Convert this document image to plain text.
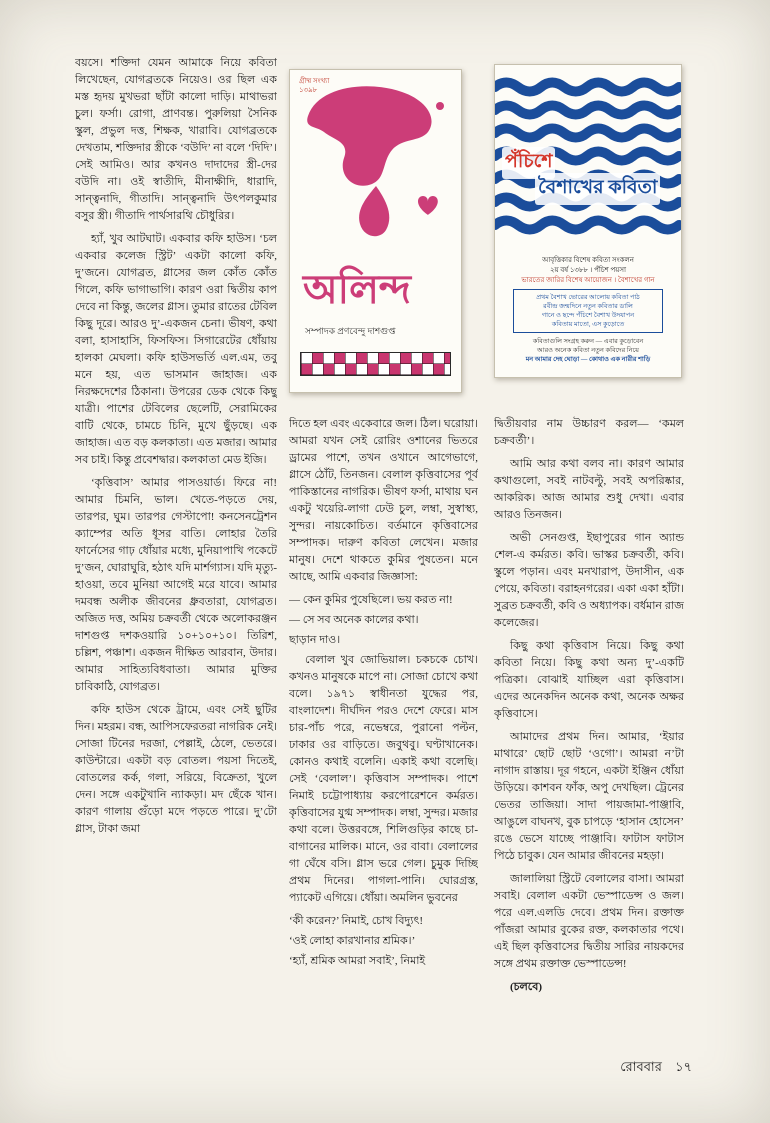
বয়সে। শক্তিদা যেমন আমাকে নিয়ে কবিতা লিখেছেন, যোগব্রতকে নিয়েও। ওর ছিল এক মস্ত হৃদয় মুখভরা ছাঁটা কালো দাড়ি। মাথাভরা চুল। ফর্সা। রোগা, প্রাণবন্ত। পুরুলিয়া সৈনিক স্কুল, প্রভুল দত্ত, শিক্ষক, খারাবি। যোগব্রতকে দেখতাম, শক্তিদার স্ত্রীকে ‘বউদি’ না বলে ‘দিদি’। সেই আমিও। আর কখনও দাদাদের স্ত্রী-দের বউদি না। ওই স্বাতীদি, মীনাক্ষীদি, ধারাদি, সান্ত্বনাদি, গীতাদি। সান্ত্বনাদি উৎপলকুমার বসুর স্ত্রী। গীতাদি পার্থসারথি চৌধুরির।

হ্যাঁ, খুব আটঘাট। একবার কফি হাউস। ‘চল একবার কলেজ স্ট্রিট’ একটা কালো কফি, দু’জনে। যোগব্রত, গ্লাসের জল কোঁত কোঁত গিলে, কফি ভাগাভাগি। কারণ ওরা দ্বিতীয় কাপ দেবে না কিন্তু, জলের গ্লাস। তুমার রাতের টেবিল কিছু দূরে। আরও দু’-একজন চেনা। ভীষণ, কথা বলা, হাসাহাসি, ফিসফিস। সিগারেটের ধোঁয়ায় হালকা মেঘলা। কফি হাউসভর্তি এল.এম, তবু মনে হয়, এত ভাসমান জাহাজ। এক নিরক্ষদেশের ঠিকানা। উপরের ডেক থেকে কিছু যাত্রী। পাশের টেবিলের ছেলেটি, সেরামিকের বাটি থেকে, চামচে চিনি, মুখে ছুঁড়ছে। এক জাহাজ। এত বড় কলকাতা। এত মজার। আমার সব চাই। কিন্তু প্রবেশদ্বার। কলকাতা মেড ইজি।

‘কৃত্তিবাস’ আমার পাসওয়ার্ড। ফিরে না! আমার চিমনি, ভাল। খেতে-পড়তে দেয়, তারপর, ঘুম। তারপর গেস্টাপো! কনসেনট্রেশন ক্যাম্পের অতি ধূসর বাতি। লোহার তৈরি ফার্নেসের গাঢ় ধোঁয়ার মধ্যে, মুনিয়াপাখি পকেটে দু’জন, ঘোরাঘুরি, হঠাৎ যদি মার্শগ্যাস। যদি মৃত্যু-হাওয়া, তবে মুনিয়া আগেই মরে যাবে। আমার দমবন্ধ অলীক জীবনের ধ্রুবতারা, যোগব্রত। অজিত দত্ত, অমিয় চক্রবর্তী থেকে অলোকরঞ্জন দাশগুপ্ত দশকওয়ারি ১০+১০+১০। তিরিশ, চল্লিশ, পঞ্চাশ। একজন দীক্ষিত আরবান, উদার। আমার সাহিত্যবিধবাতা। আমার মুক্তির চাবিকাঠি, যোগব্রত।

কফি হাউস থেকে ট্রামে, এবং সেই ছুটির দিন। মহরম। বন্ধ, আপিসফেরতরা নাগরিক নেই। সোজা টিনের দরজা, পেল্লাই, ঠেলে, ভেতরে। কাউন্টারে। একটা বড় বোতল। পয়সা দিতেই, বোতলের কর্ক, গলা, সরিয়ে, বিক্রেতা, খুলে দেন। সঙ্গে একটুখানি ন্যাকড়া। মদ ছেঁকে খান। কারণ গালায় গুঁড়ো মদে পড়তে পারে। দু’টো গ্লাস, টাকা জমা

গ্রীষ্ম সংখ্যা
১৩৯৮
অলিন্দ
সম্পাদক প্রণবেন্দু দাশগুপ্ত
পঁচিশে
বৈশাখের কবিতা
আবৃত্তিকার বিশেষ কবিতা সংকলন
২য় বর্ষ ১৩৮৮ । পঁচিশ পয়সা
ভারতের জারির বিশেষ আয়োজন । বৈশাখের গান
প্রথম বৈশাখ ভোরের আলোয় কবিতা পাঠ
রবীন্দ্র জন্মদিনে নতুন কবিতার ডালি
গানে ও ছন্দে পঁচিশে বৈশাখ উদযাপন
কবিতায় মাতো, এস কুড়োতে
কবিতাগুলি সংগ্রহ করুন — এবার কুড়োবেন
আরও অনেক কবিতা নতুন কবিদের নিয়ে
মন আমার দেহ ঘোড়া — কোথাও এক নারীর শাড়ি

দিতে হল এবং একেবারে জল। ঠিল। ঘরোয়া। আমরা যখন সেই রোরিং ওশানের ভিতরে ড্রামের পাশে, তখন ওখানে আগেভাগে, গ্লাসে ঠোঁট, তিনজন। বেলাল কৃত্তিবাসের পূর্ব পাকিস্তানের নাগরিক। ভীষণ ফর্সা, মাথায় ঘন একটু খয়েরি-লাগা ঢেউ চুল, লম্বা, সুস্বাস্থ্য, সুন্দর। নায়কোচিত। বর্তমানে কৃত্তিবাসের সম্পাদক। দারুণ কবিতা লেখেন। মজার মানুষ। দেশে থাকতে কুমির পুষতেন। মনে আছে, আমি একবার জিজ্ঞাসা:

— কেন কুমির পুষেছিলে। ভয় করত না!

— সে সব অনেক কালের কথা।

ছাড়ান দাও।

বেলাল খুব জোভিয়াল। চকচকে চোখ। কখনও মানুষকে মাপে না। সোজা চোখে কথা বলে। ১৯৭১ স্বাধীনতা যুদ্ধের পর, বাংলাদেশ। দীর্ঘদিন পরও দেশে ফেরে। মাস চার-পাঁচ পরে, নভেম্বরে, পুরানো পল্টন, ঢাকার ওর বাড়িতে। জবুথবু। ঘণ্টাখানেক। কোনও কথাই বলেনি। একাই কথা বলেছি। সেই ‘বেলাল’। কৃত্তিবাস সম্পাদক। পাশে নিমাই চট্টোপাধ্যায় করপোরেশনে কর্মরত। কৃত্তিবাসের যুগ্ম সম্পাদক। লম্বা, সুন্দর। মজার কথা বলে। উত্তরবঙ্গে, শিলিগুড়ির কাছে চা-বাগানের মালিক। মানে, ওর বাবা। বেলালের গা ঘেঁষে বসি। গ্লাস ভরে গেল। চুমুক দিচ্ছি প্রথম দিনের। পাগলা-পানি। ঘোরগ্রস্ত, প্যাকেট এগিয়ে। ধোঁয়া। অমলিন ভুবনের

‘কী করেন?’ নিমাই, চোখ বিদ্যুৎ!

‘ওই লোহা কারখানার শ্রমিক।’

‘হ্যাঁ, শ্রমিক আমরা সবাই’, নিমাই

দ্বিতীয়বার নাম উচ্চারণ করল— ‘কমল চক্রবর্তী’।

আমি আর কথা বলব না। কারণ আমার কথাগুলো, সবই নাটবল্টু, সবই অপরিষ্কার, আকরিক। আজ আমার শুধু দেখা। এবার আরও তিনজন।

অভী সেনগুপ্ত, ইছাপুরের গান অ্যান্ড শেল-এ কর্মরত। কবি। ভাস্কর চক্রবর্তী, কবি। স্কুলে পড়ান। এবং মনখারাপ, উদাসীন, এক পেয়ে, কবিতা। বরাহনগরের। একা একা হাঁটা। সুব্রত চক্রবর্তী, কবি ও অধ্যাপক। বর্ধমান রাজ কলেজের।

কিছু কথা কৃত্তিবাস নিয়ে। কিছু কথা কবিতা নিয়ে। কিছু কথা অন্য দু’-একটি পত্রিকা। বোঝাই যাচ্ছিল এরা কৃত্তিবাস। এদের অনেকদিন অনেক কথা, অনেক অক্ষর কৃত্তিবাসে।

আমাদের প্রথম দিন। আমার, ‘ইয়ার মাথারে’ ছোট ছোট ‘ওগো’। আমরা ন’টা নাগাদ রাস্তায়। দূর গহনে, একটা ইঞ্জিন ধোঁয়া উড়িয়ে। কাশবন ফাঁক, অপু দেখছিল। ট্রেনের ভেতর তাজিয়া। সাদা পায়জামা-পাঞ্জাবি, আঙুলে বাঘনখ, বুক চাপড়ে ‘হাসান হোসেন’ রঙে ভেসে যাচ্ছে পাঞ্জাবি। ফাটাস ফাটাস পিঠে চাবুক। যেন আমার জীবনের মহড়া।

জালালিয়া স্ট্রিটে বেলালের বাসা। আমরা সবাই। বেলাল একটা ভেস্পাডেন্স ও জল। পরে এল.এলডি দেবে। প্রথম দিন। রক্তাক্ত পাঁজরা আমার বুকের রক্ত, কলকাতার পথে। এই ছিল কৃত্তিবাসের দ্বিতীয় সারির নায়কদের সঙ্গে প্রথম রক্তাক্ত ভেস্পাডেন্স!

(চলবে)

রোববার ১৭
